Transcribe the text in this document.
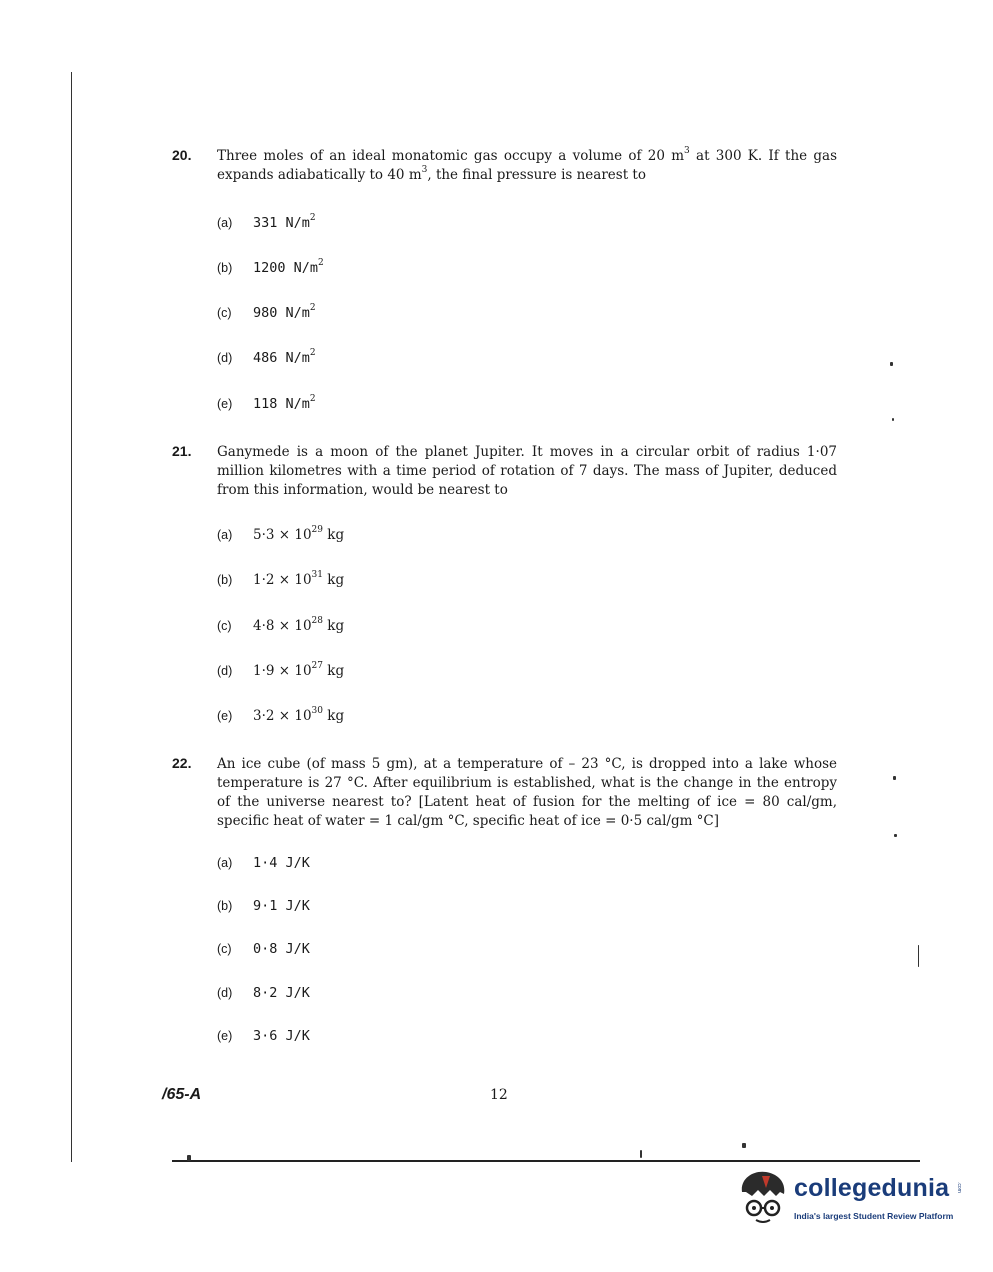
20. Three moles of an ideal monatomic gas occupy a volume of 20 $m^3$ at 300 K. If the gas expands adiabatically to 40 $m^3$, the final pressure is nearest to
(a) 331 $N/m^2$
(b) 1200 $N/m^2$
(c) 980 $N/m^2$
(d) 486 $N/m^2$
(e) 118 $N/m^2$
21. Ganymede is a moon of the planet Jupiter. It moves in a circular orbit of radius 1·07 million kilometres with a time period of rotation of 7 days. The mass of Jupiter, deduced from this information, would be nearest to
(a) $5\cdot 3 \times 10^{29}$ kg
(b) $1\cdot 2 \times 10^{31}$ kg
(c) $4\cdot 8 \times 10^{28}$ kg
(d) $1\cdot 9 \times 10^{27}$ kg
(e) $3\cdot 2 \times 10^{30}$ kg
22. An ice cube (of mass 5 gm), at a temperature of – 23 °C, is dropped into a lake whose temperature is 27 °C. After equilibrium is established, what is the change in the entropy of the universe nearest to? [Latent heat of fusion for the melting of ice = 80 cal/gm, specific heat of water = 1 cal/gm °C, specific heat of ice = 0·5 cal/gm °C]
(a) 1·4 J/K
(b) 9·1 J/K
(c) 0·8 J/K
(d) 8·2 J/K
(e) 3·6 J/K
/65-A	12
collegedunia .com
India's largest Student Review Platform
